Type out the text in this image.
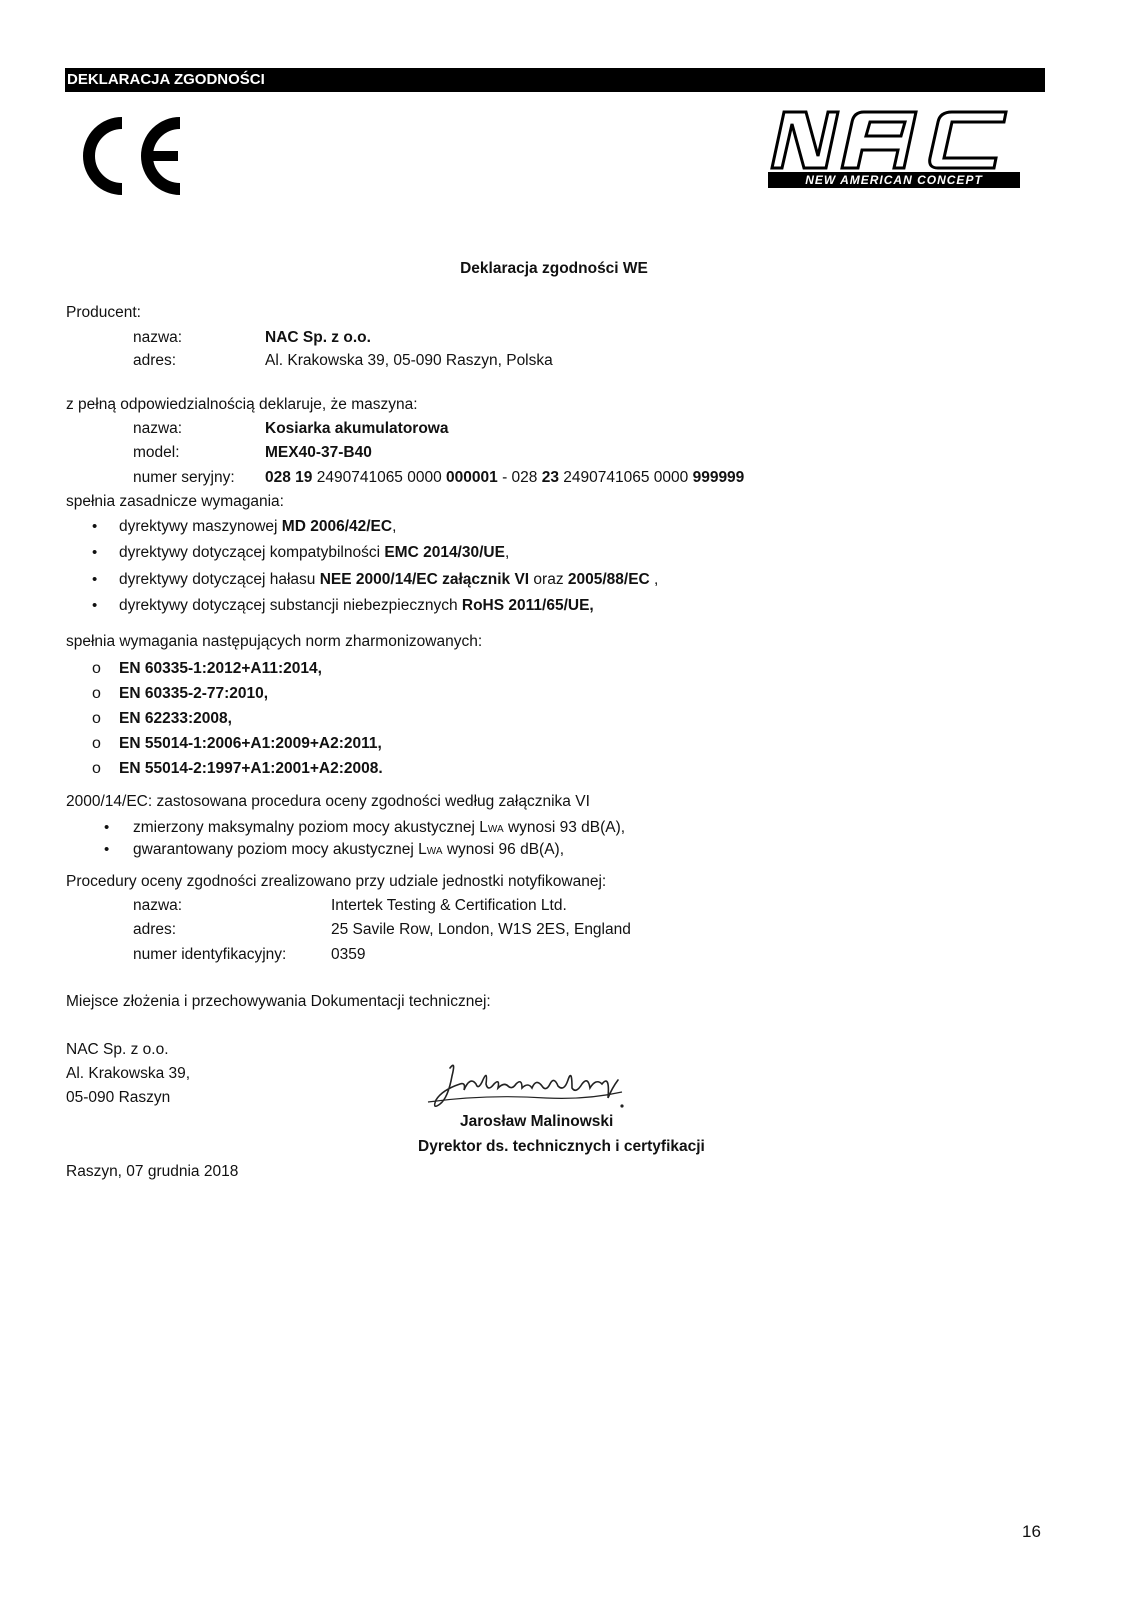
DEKLARACJA ZGODNOŚCI
NEW AMERICAN CONCEPT
Deklaracja zgodności WE
Producent:
nazwa:	NAC Sp. z o.o.
adres:	Al. Krakowska 39, 05-090 Raszyn, Polska
z pełną odpowiedzialnością deklaruje, że maszyna:
nazwa:	Kosiarka akumulatorowa
model:	MEX40-37-B40
numer seryjny: 028 19 2490741065 0000 000001 - 028 23 2490741065 0000 999999
spełnia zasadnicze wymagania:
• dyrektywy maszynowej MD 2006/42/EC,
• dyrektywy dotyczącej kompatybilności EMC 2014/30/UE,
• dyrektywy dotyczącej hałasu NEE 2000/14/EC załącznik VI oraz 2005/88/EC ,
• dyrektywy dotyczącej substancji niebezpiecznych RoHS 2011/65/UE,
spełnia wymagania następujących norm zharmonizowanych:
o EN 60335-1:2012+A11:2014,
o EN 60335-2-77:2010,
o EN 62233:2008,
o EN 55014-1:2006+A1:2009+A2:2011,
o EN 55014-2:1997+A1:2001+A2:2008.
2000/14/EC: zastosowana procedura oceny zgodności według załącznika VI
• zmierzony maksymalny poziom mocy akustycznej LWA wynosi 93 dB(A),
• gwarantowany poziom mocy akustycznej LWA wynosi 96 dB(A),
Procedury oceny zgodności zrealizowano przy udziale jednostki notyfikowanej:
nazwa:	Intertek Testing & Certification Ltd.
adres:	25 Savile Row, London, W1S 2ES, England
numer identyfikacyjny:	0359
Miejsce złożenia i przechowywania Dokumentacji technicznej:
NAC Sp. z o.o.
Al. Krakowska 39,
05-090 Raszyn
Jarosław Malinowski
Dyrektor ds. technicznych i certyfikacji
Raszyn, 07 grudnia 2018
16
